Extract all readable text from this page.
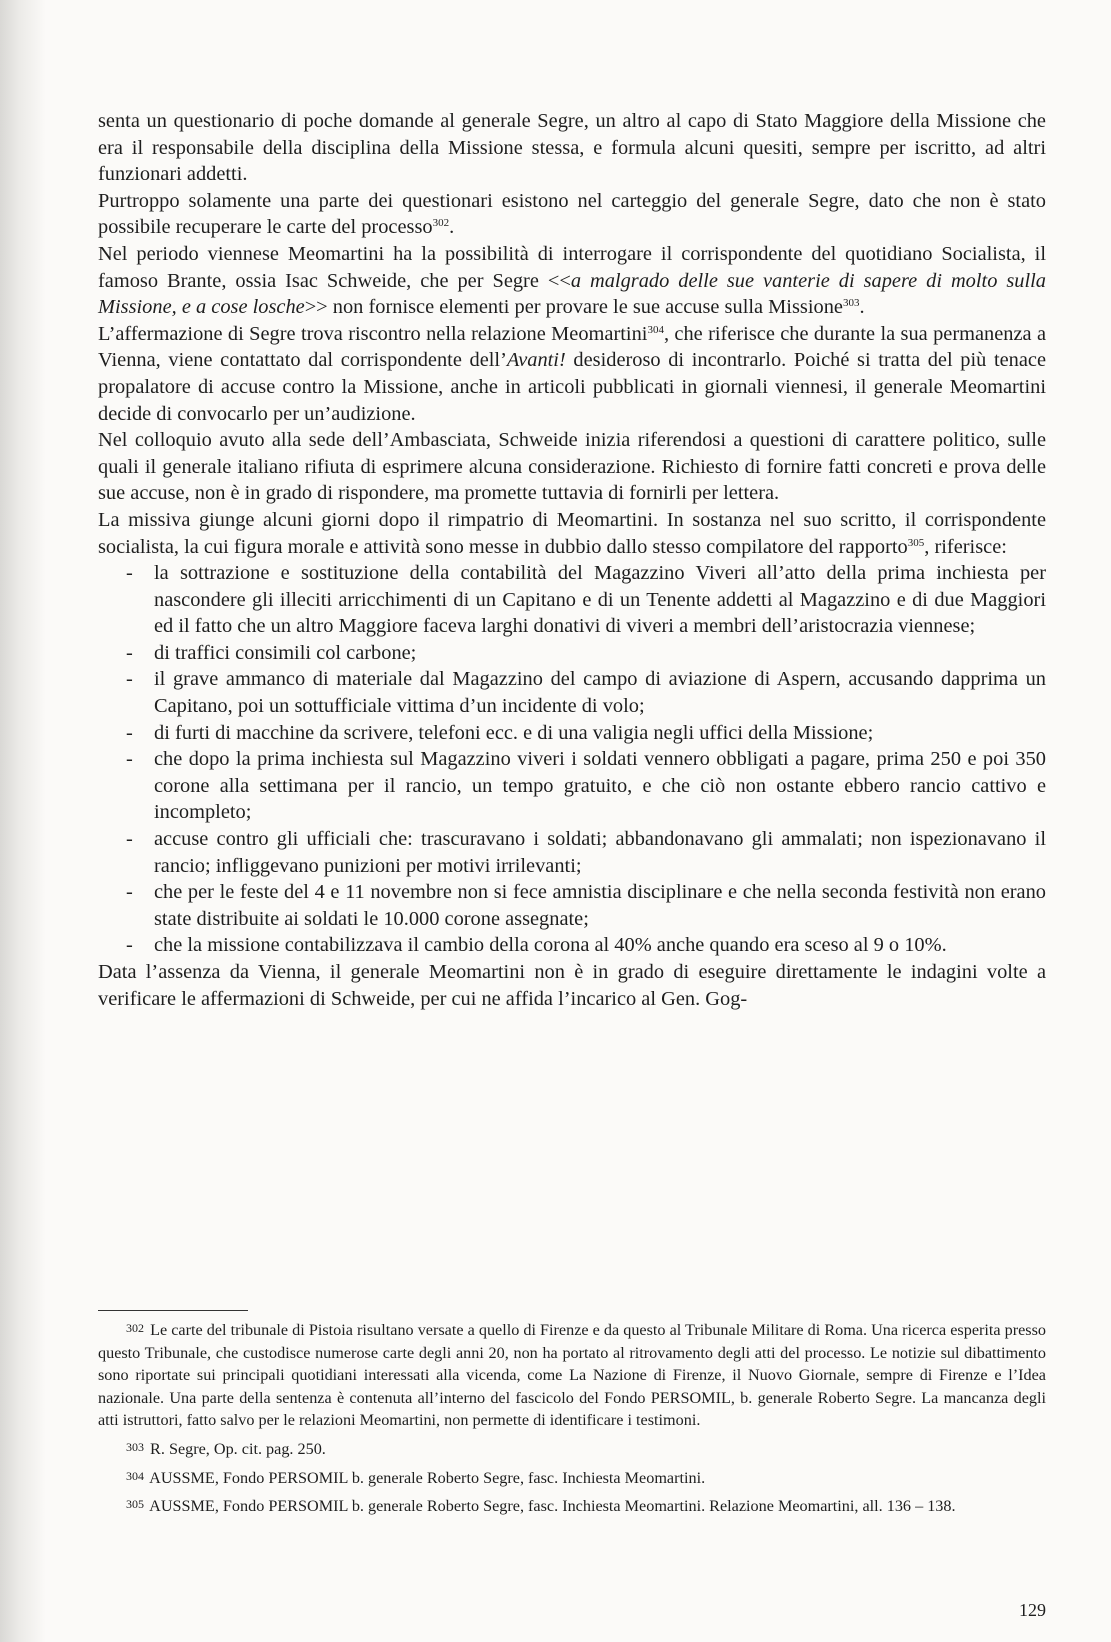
senta un questionario di poche domande al generale Segre, un altro al capo di Stato Maggiore della Missione che era il responsabile della disciplina della Missione stessa, e formula alcuni quesiti, sempre per iscritto, ad altri funzionari addetti.

Purtroppo solamente una parte dei questionari esistono nel carteggio del generale Segre, dato che non è stato possibile recuperare le carte del processo$^{302}$.

Nel periodo viennese Meomartini ha la possibilità di interrogare il corrispondente del quotidiano Socialista, il famoso Brante, ossia Isac Schweide, che per Segre <<a malgrado delle sue vanterie di sapere di molto sulla Missione, e a cose losche>> non fornisce elementi per provare le sue accuse sulla Missione$^{303}$.

L’affermazione di Segre trova riscontro nella relazione Meomartini$^{304}$, che riferisce che durante la sua permanenza a Vienna, viene contattato dal corrispondente dell’Avanti! desideroso di incontrarlo. Poiché si tratta del più tenace propalatore di accuse contro la Missione, anche in articoli pubblicati in giornali viennesi, il generale Meomartini decide di convocarlo per un’audizione.

Nel colloquio avuto alla sede dell’Ambasciata, Schweide inizia riferendosi a questioni di carattere politico, sulle quali il generale italiano rifiuta di esprimere alcuna considerazione. Richiesto di fornire fatti concreti e prova delle sue accuse, non è in grado di rispondere, ma promette tuttavia di fornirli per lettera.

La missiva giunge alcuni giorni dopo il rimpatrio di Meomartini. In sostanza nel suo scritto, il corrispondente socialista, la cui figura morale e attività sono messe in dubbio dallo stesso compilatore del rapporto$^{305}$, riferisce:

- la sottrazione e sostituzione della contabilità del Magazzino Viveri all’atto della prima inchiesta per nascondere gli illeciti arricchimenti di un Capitano e di un Tenente addetti al Magazzino e di due Maggiori ed il fatto che un altro Maggiore faceva larghi donativi di viveri a membri dell’aristocrazia viennese;
- di traffici consimili col carbone;
- il grave ammanco di materiale dal Magazzino del campo di aviazione di Aspern, accusando dapprima un Capitano, poi un sottufficiale vittima d’un incidente di volo;
- di furti di macchine da scrivere, telefoni ecc. e di una valigia negli uffici della Missione;
- che dopo la prima inchiesta sul Magazzino viveri i soldati vennero obbligati a pagare, prima 250 e poi 350 corone alla settimana per il rancio, un tempo gratuito, e che ciò non ostante ebbero rancio cattivo e incompleto;
- accuse contro gli ufficiali che: trascuravano i soldati; abbandonavano gli ammalati; non ispezionavano il rancio; infliggevano punizioni per motivi irrilevanti;
- che per le feste del 4 e 11 novembre non si fece amnistia disciplinare e che nella seconda festività non erano state distribuite ai soldati le 10.000 corone assegnate;
- che la missione contabilizzava il cambio della corona al 40% anche quando era sceso al 9 o 10%.

Data l’assenza da Vienna, il generale Meomartini non è in grado di eseguire direttamente le indagini volte a verificare le affermazioni di Schweide, per cui ne affida l’incarico al Gen. Gog-

302 Le carte del tribunale di Pistoia risultano versate a quello di Firenze e da questo al Tribunale Militare di Roma. Una ricerca esperita presso questo Tribunale, che custodisce numerose carte degli anni 20, non ha portato al ritrovamento degli atti del processo. Le notizie sul dibattimento sono riportate sui principali quotidiani interessati alla vicenda, come La Nazione di Firenze, il Nuovo Giornale, sempre di Firenze e l’Idea nazionale. Una parte della sentenza è contenuta all’interno del fascicolo del Fondo PERSOMIL, b. generale Roberto Segre. La mancanza degli atti istruttori, fatto salvo per le relazioni Meomartini, non permette di identificare i testimoni.

303 R. Segre, Op. cit. pag. 250.

304 AUSSME, Fondo PERSOMIL b. generale Roberto Segre, fasc. Inchiesta Meomartini.

305 AUSSME, Fondo PERSOMIL b. generale Roberto Segre, fasc. Inchiesta Meomartini. Relazione Meomartini, all. 136 – 138.

129
